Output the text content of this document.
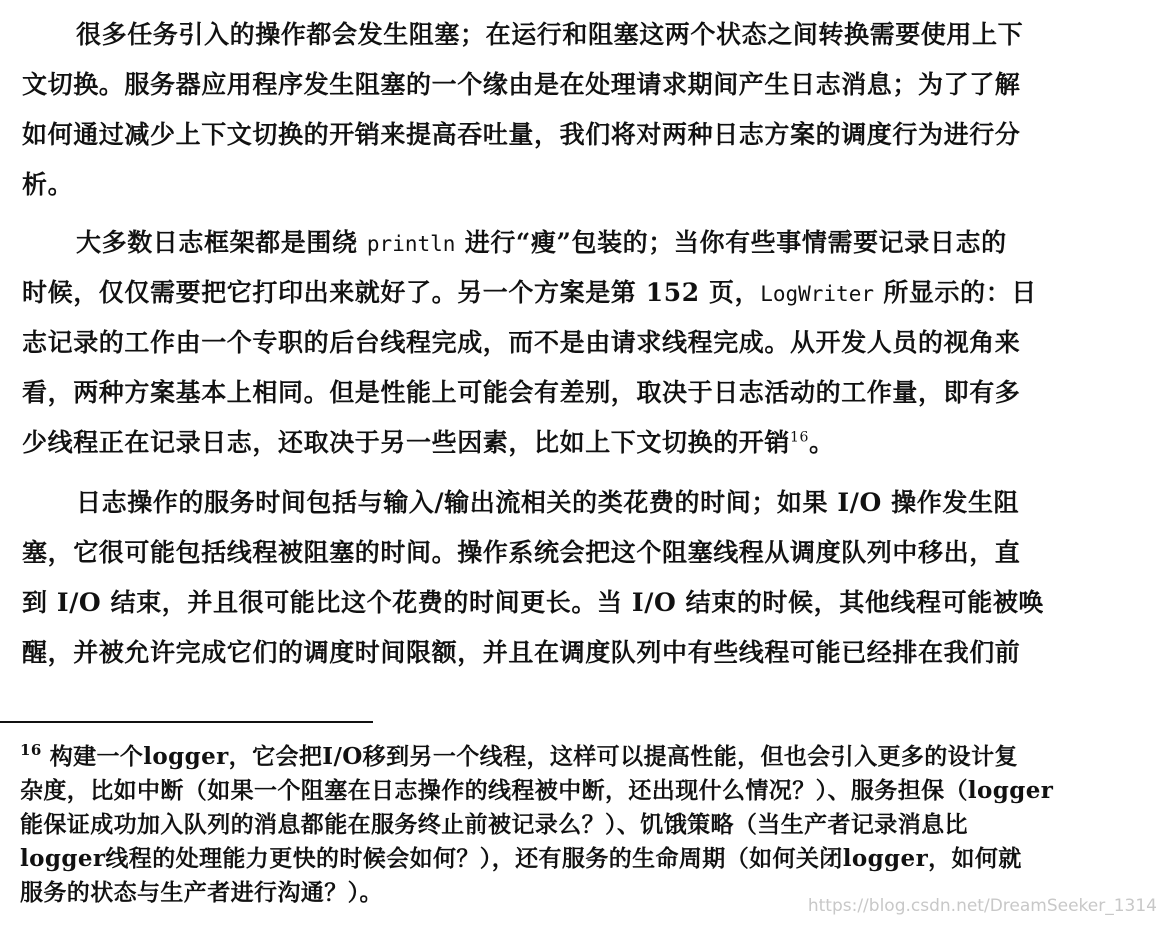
很多任务引入的操作都会发生阻塞；在运行和阻塞这两个状态之间转换需要使用上下
文切换。服务器应用程序发生阻塞的一个缘由是在处理请求期间产生日志消息；为了了解
如何通过减少上下文切换的开销来提高吞吐量，我们将对两种日志方案的调度行为进行分
析。
大多数日志框架都是围绕 println 进行“瘦”包装的；当你有些事情需要记录日志的
时候，仅仅需要把它打印出来就好了。另一个方案是第 152 页，LogWriter 所显示的：日
志记录的工作由一个专职的后台线程完成，而不是由请求线程完成。从开发人员的视角来
看，两种方案基本上相同。但是性能上可能会有差别，取决于日志活动的工作量，即有多
少线程正在记录日志，还取决于另一些因素，比如上下文切换的开销$^{16}$。
日志操作的服务时间包括与输入/输出流相关的类花费的时间；如果 I/O 操作发生阻
塞，它很可能包括线程被阻塞的时间。操作系统会把这个阻塞线程从调度队列中移出，直
到 I/O 结束，并且很可能比这个花费的时间更长。当 I/O 结束的时候，其他线程可能被唤
醒，并被允许完成它们的调度时间限额，并且在调度队列中有些线程可能已经排在我们前
$^{16}$ 构建一个logger，它会把I/O移到另一个线程，这样可以提高性能，但也会引入更多的设计复
杂度，比如中断（如果一个阻塞在日志操作的线程被中断，还出现什么情况？）、服务担保（logger
能保证成功加入队列的消息都能在服务终止前被记录么？）、饥饿策略（当生产者记录消息比
logger线程的处理能力更快的时候会如何？），还有服务的生命周期（如何关闭logger，如何就
服务的状态与生产者进行沟通？）。	https://blog.csdn.net/DreamSeeker_1314
